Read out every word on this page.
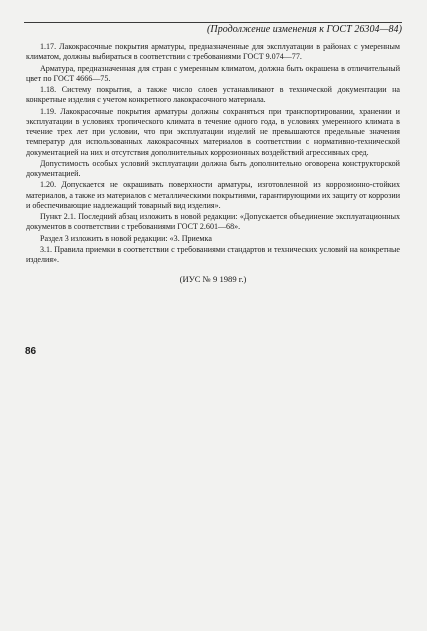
(Продолжение изменения к ГОСТ 26304—84)

1.17. Лакокрасочные покрытия арматуры, предназначенные для эксплуатации в районах с умеренным климатом, должны выбираться в соответствии с требованиями ГОСТ 9.074—77.

Арматура, предназначенная для стран с умеренным климатом, должна быть окрашена в отличительный цвет по ГОСТ 4666—75.

1.18. Систему покрытия, а также число слоев устанавливают в технической документации на конкретные изделия с учетом конкретного лакокрасочного материала.

1.19. Лакокрасочные покрытия арматуры должны сохраняться при транспортировании, хранении и эксплуатации в условиях тропического климата в течение одного года, в условиях умеренного климата в течение трех лет при условии, что при эксплуатации изделий не превышаются предельные значения температур для использованных лакокрасочных материалов в соответствии с нормативно-технической документацией на них и отсутствия дополнительных коррозионных воздействий агрессивных сред.

Допустимость особых условий эксплуатации должна быть дополнительно оговорена конструкторской документацией.

1.20. Допускается не окрашивать поверхности арматуры, изготовленной из коррозионно-стойких материалов, а также из материалов с металлическими покрытиями, гарантирующими их защиту от коррозии и обеспечивающие надлежащий товарный вид изделия».

Пункт 2.1. Последний абзац изложить в новой редакции: «Допускается объединение эксплуатационных документов в соответствии с требованиями ГОСТ 2.601—68».

Раздел 3 изложить в новой редакции: «3. Приемка

3.1. Правила приемки в соответствии с требованиями стандартов и технических условий на конкретные изделия».

(ИУС № 9 1989 г.)

86
